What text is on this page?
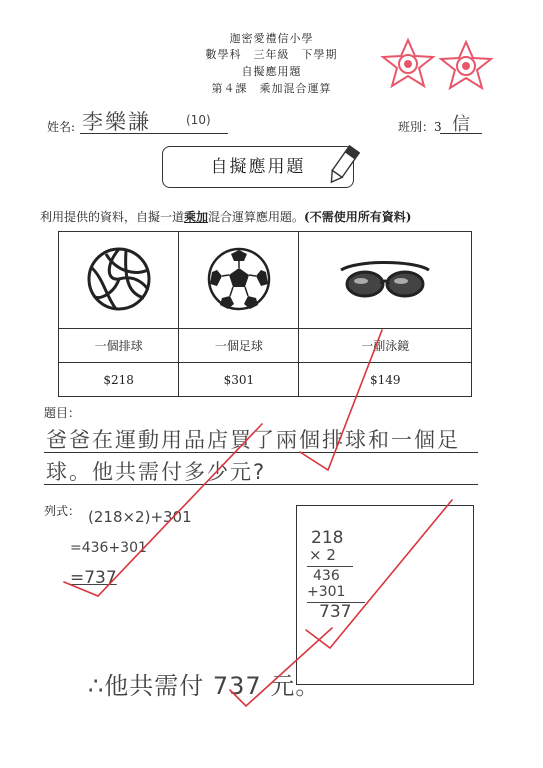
迦密愛禮信小學
數學科　三年級　下學期
自擬應用題
第４課　乘加混合運算
姓名: 李樂謙	(10)	班別：3 信
自擬應用題
利用提供的資料，自擬一道乘加混合運算應用題。(不需使用所有資料)

一個排球	一個足球	一副泳鏡
$218	$301	$149
題目：
爸爸在運動用品店買了兩個排球和一個足
球。他共需付多少元?
列式： (218×2)+301
=436+301
=737
218
× 2
436
+301
737
∴他共需付 737 元。
